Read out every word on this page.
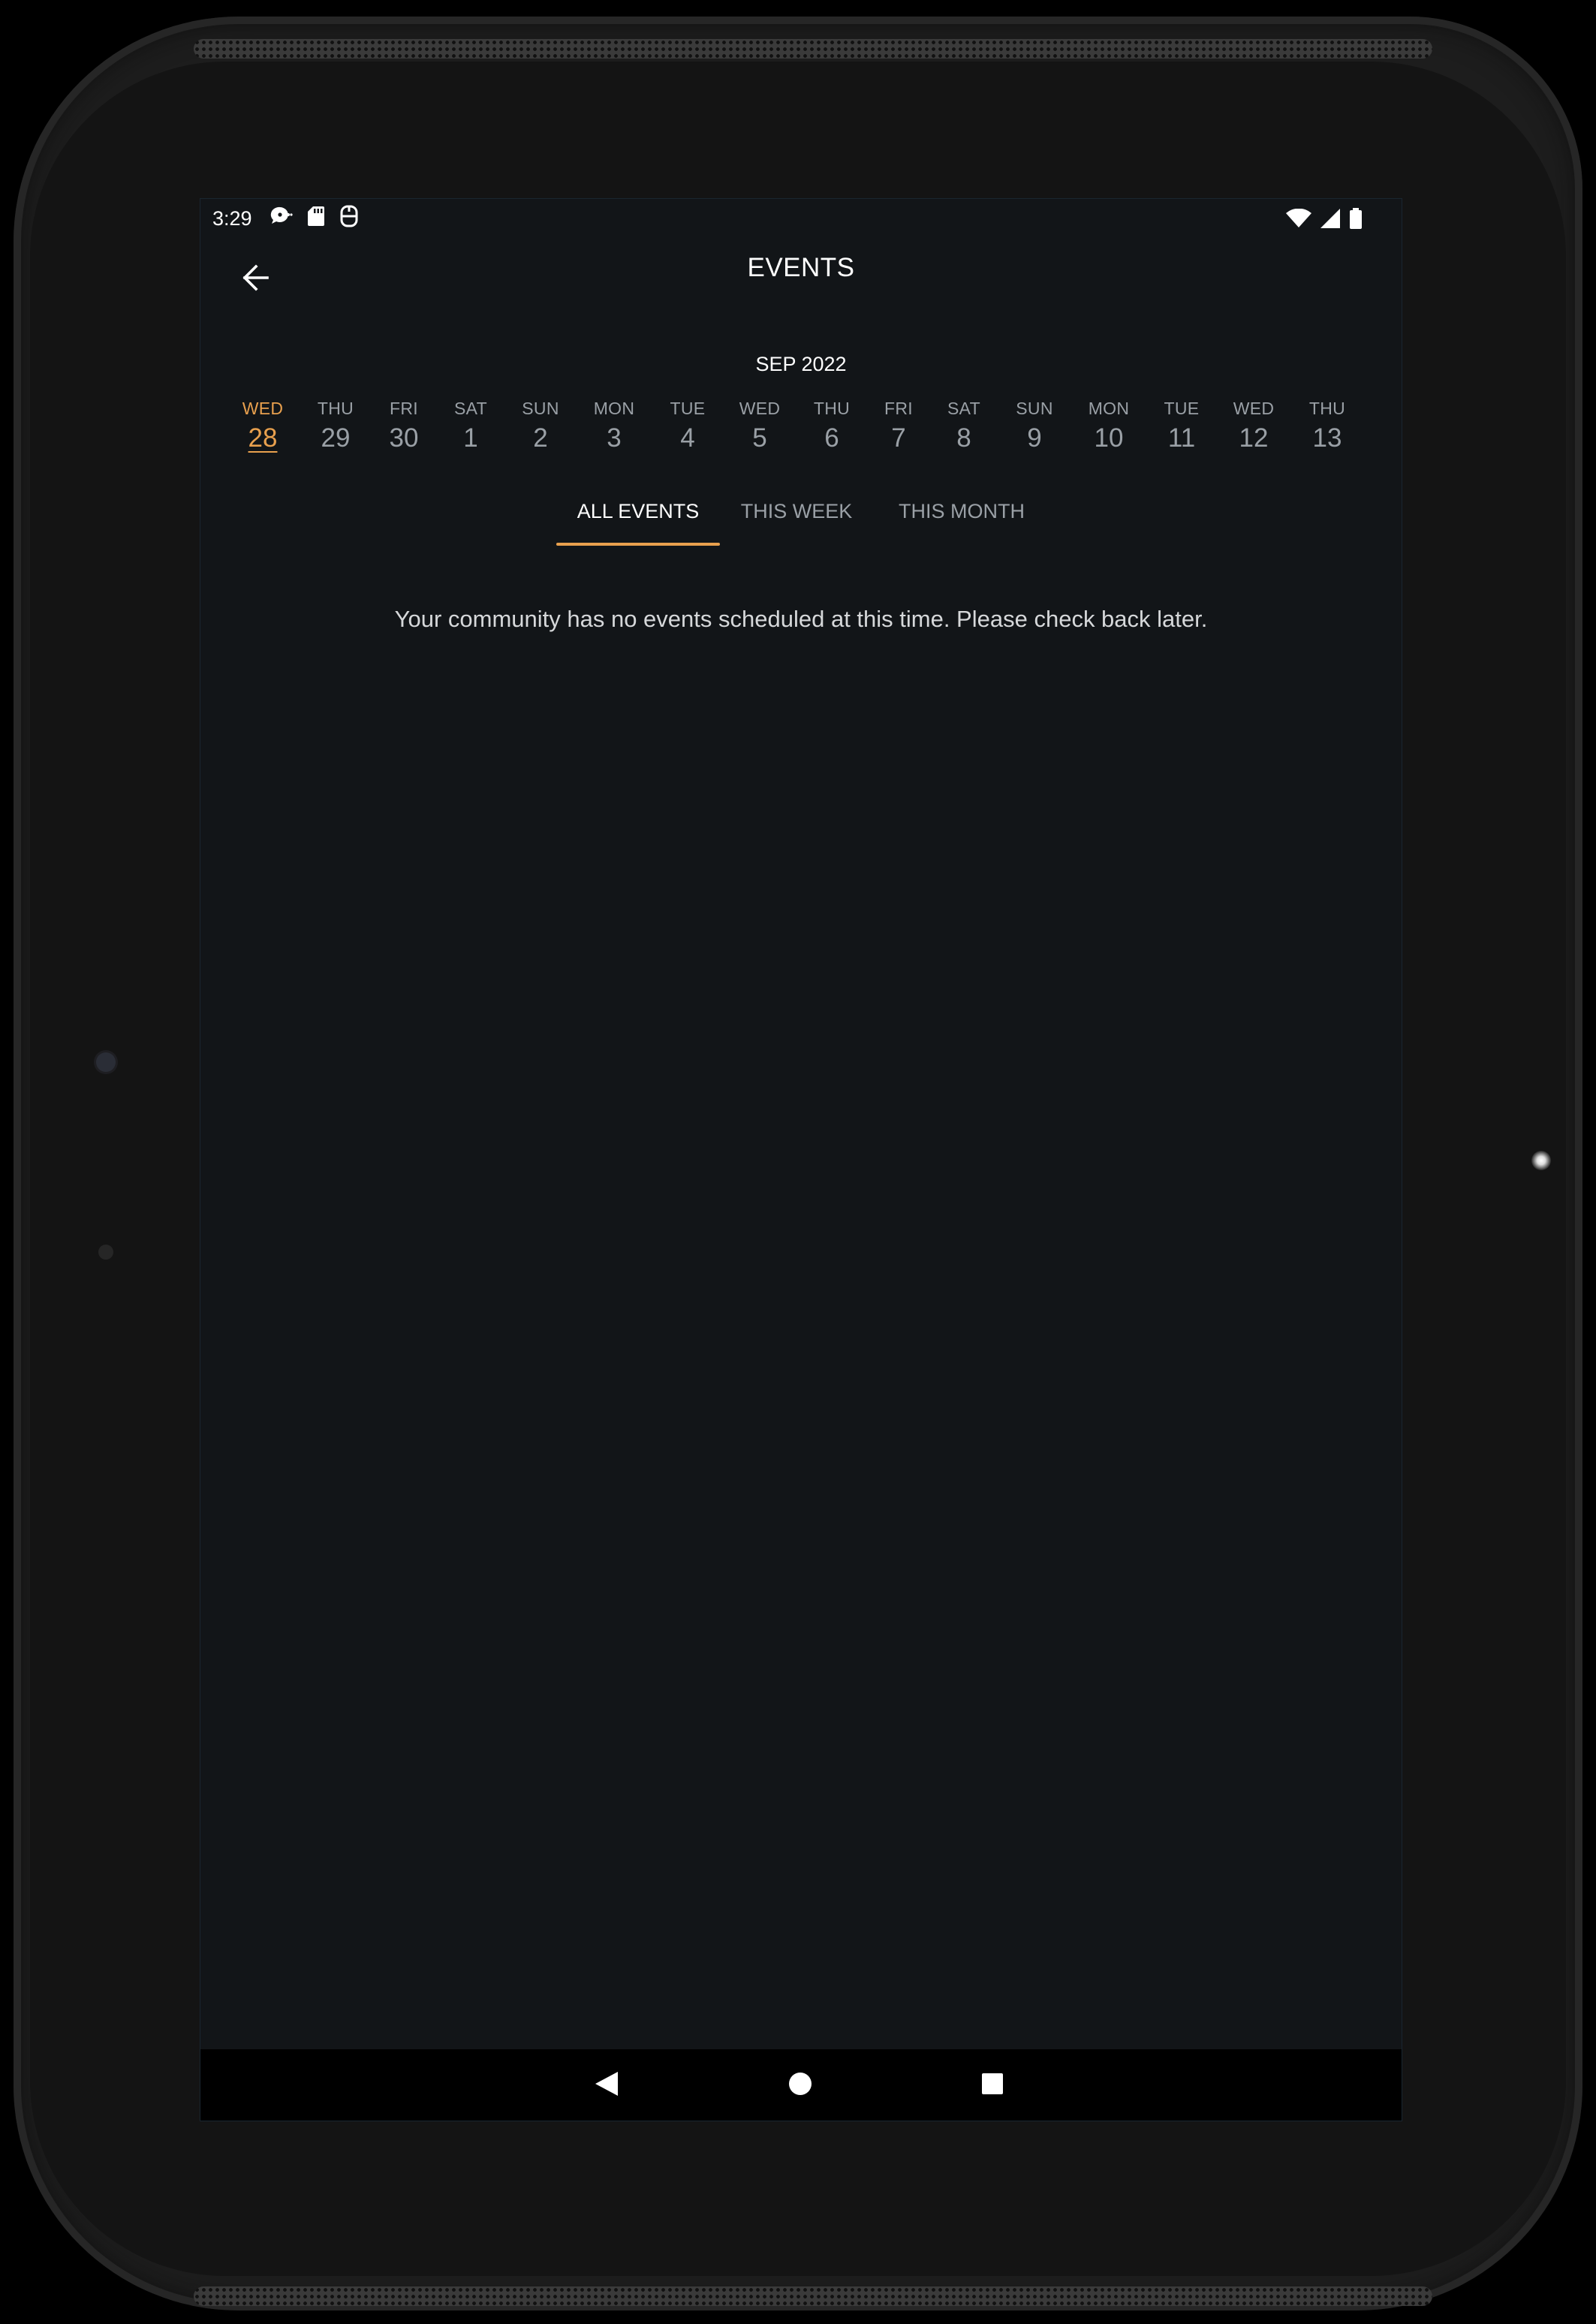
3:29
EVENTS
SEP 2022
WED
28
THU
29
FRI
30
SAT
1
SUN
2
MON
3
TUE
4
WED
5
THU
6
FRI
7
SAT
8
SUN
9
MON
10
TUE
11
WED
12
THU
13
ALL EVENTS	THIS WEEK THIS MONTH
Your community has no events scheduled at this time. Please check back later.
